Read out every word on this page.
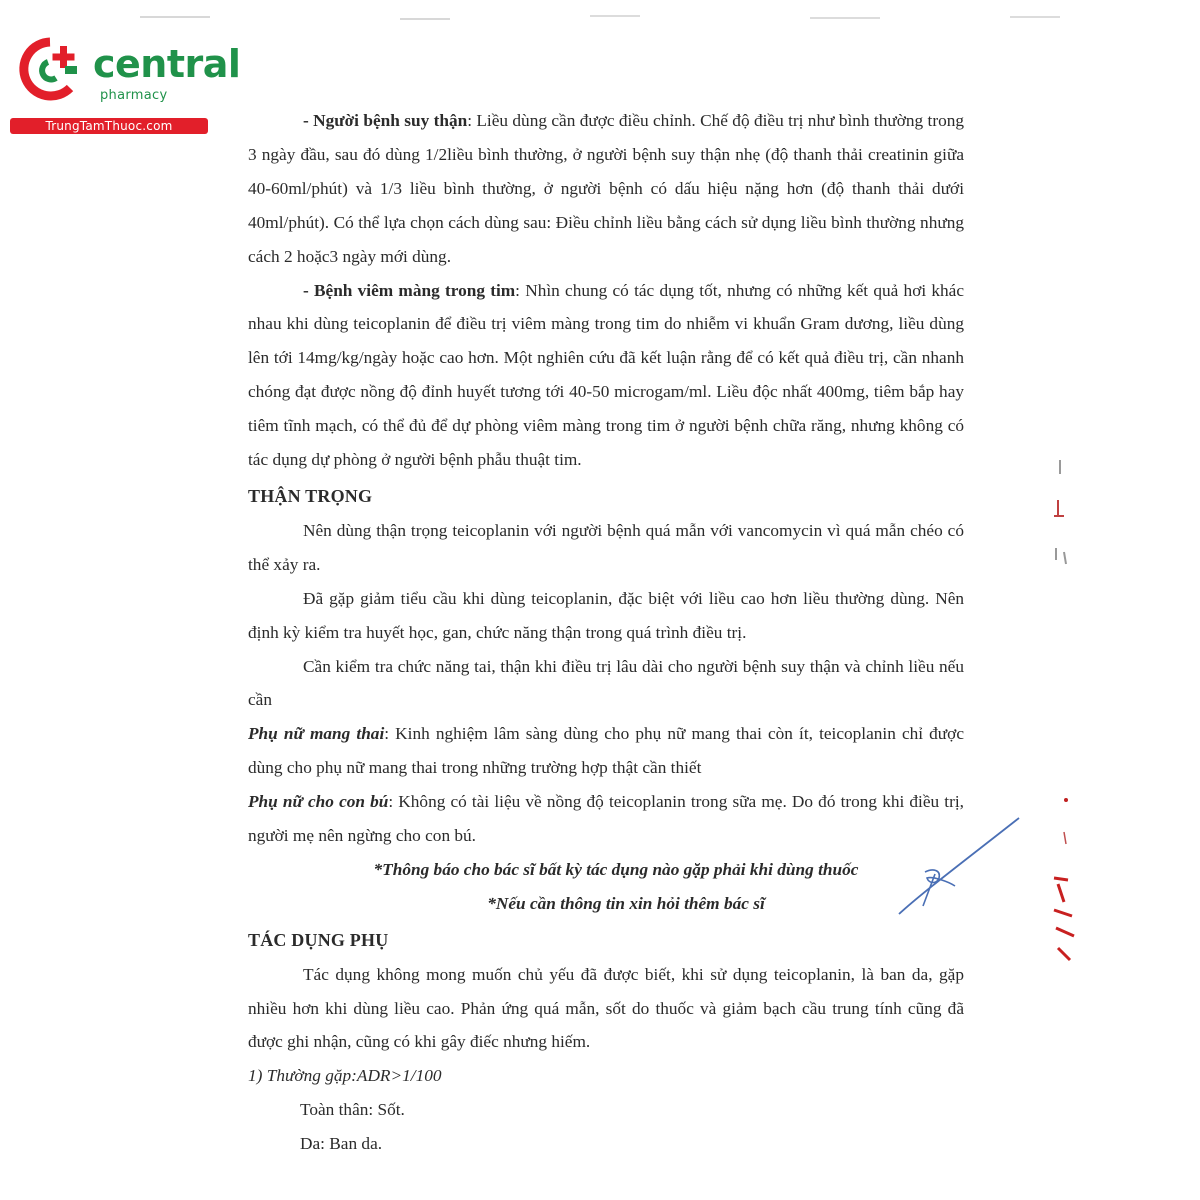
central
pharmacy
TrungTamThuoc.com	- Người bệnh suy thận: Liều dùng cần được điều chỉnh. Chế độ điều trị như bình thường trong 3 ngày đầu, sau đó dùng 1/2liều bình thường, ở người bệnh suy thận nhẹ (độ thanh thải creatinin giữa 40-60ml/phút) và 1/3 liều bình thường, ở người bệnh có dấu hiệu nặng hơn (độ thanh thải dưới 40ml/phút). Có thể lựa chọn cách dùng sau: Điều chỉnh liều bằng cách sử dụng liều bình thường nhưng cách 2 hoặc3 ngày mới dùng.

- Bệnh viêm màng trong tim: Nhìn chung có tác dụng tốt, nhưng có những kết quả hơi khác nhau khi dùng teicoplanin để điều trị viêm màng trong tim do nhiễm vi khuẩn Gram dương, liều dùng lên tới 14mg/kg/ngày hoặc cao hơn. Một nghiên cứu đã kết luận rằng để có kết quả điều trị, cần nhanh chóng đạt được nồng độ đỉnh huyết tương tới 40-50 microgam/ml. Liều độc nhất 400mg, tiêm bắp hay tiêm tĩnh mạch, có thể đủ để dự phòng viêm màng trong tim ở người bệnh chữa răng, nhưng không có tác dụng dự phòng ở người bệnh phẫu thuật tim.

THẬN TRỌNG

Nên dùng thận trọng teicoplanin với người bệnh quá mẫn với vancomycin vì quá mẫn chéo có thể xảy ra.

Đã gặp giảm tiểu cầu khi dùng teicoplanin, đặc biệt với liều cao hơn liều thường dùng. Nên định kỳ kiểm tra huyết học, gan, chức năng thận trong quá trình điều trị.

Cần kiểm tra chức năng tai, thận khi điều trị lâu dài cho người bệnh suy thận và chỉnh liều nếu cần

Phụ nữ mang thai: Kinh nghiệm lâm sàng dùng cho phụ nữ mang thai còn ít, teicoplanin chỉ được dùng cho phụ nữ mang thai trong những trường hợp thật cần thiết

Phụ nữ cho con bú: Không có tài liệu về nồng độ teicoplanin trong sữa mẹ. Do đó trong khi điều trị, người mẹ nên ngừng cho con bú.

*Thông báo cho bác sĩ bất kỳ tác dụng nào gặp phải khi dùng thuốc

*Nếu cần thông tin xin hỏi thêm bác sĩ

TÁC DỤNG PHỤ

Tác dụng không mong muốn chủ yếu đã được biết, khi sử dụng teicoplanin, là ban da, gặp nhiều hơn khi dùng liều cao. Phản ứng quá mẫn, sốt do thuốc và giảm bạch cầu trung tính cũng đã được ghi nhận, cũng có khi gây điếc nhưng hiếm.

1) Thường gặp:ADR>1/100

Toàn thân: Sốt.

Da: Ban da.
